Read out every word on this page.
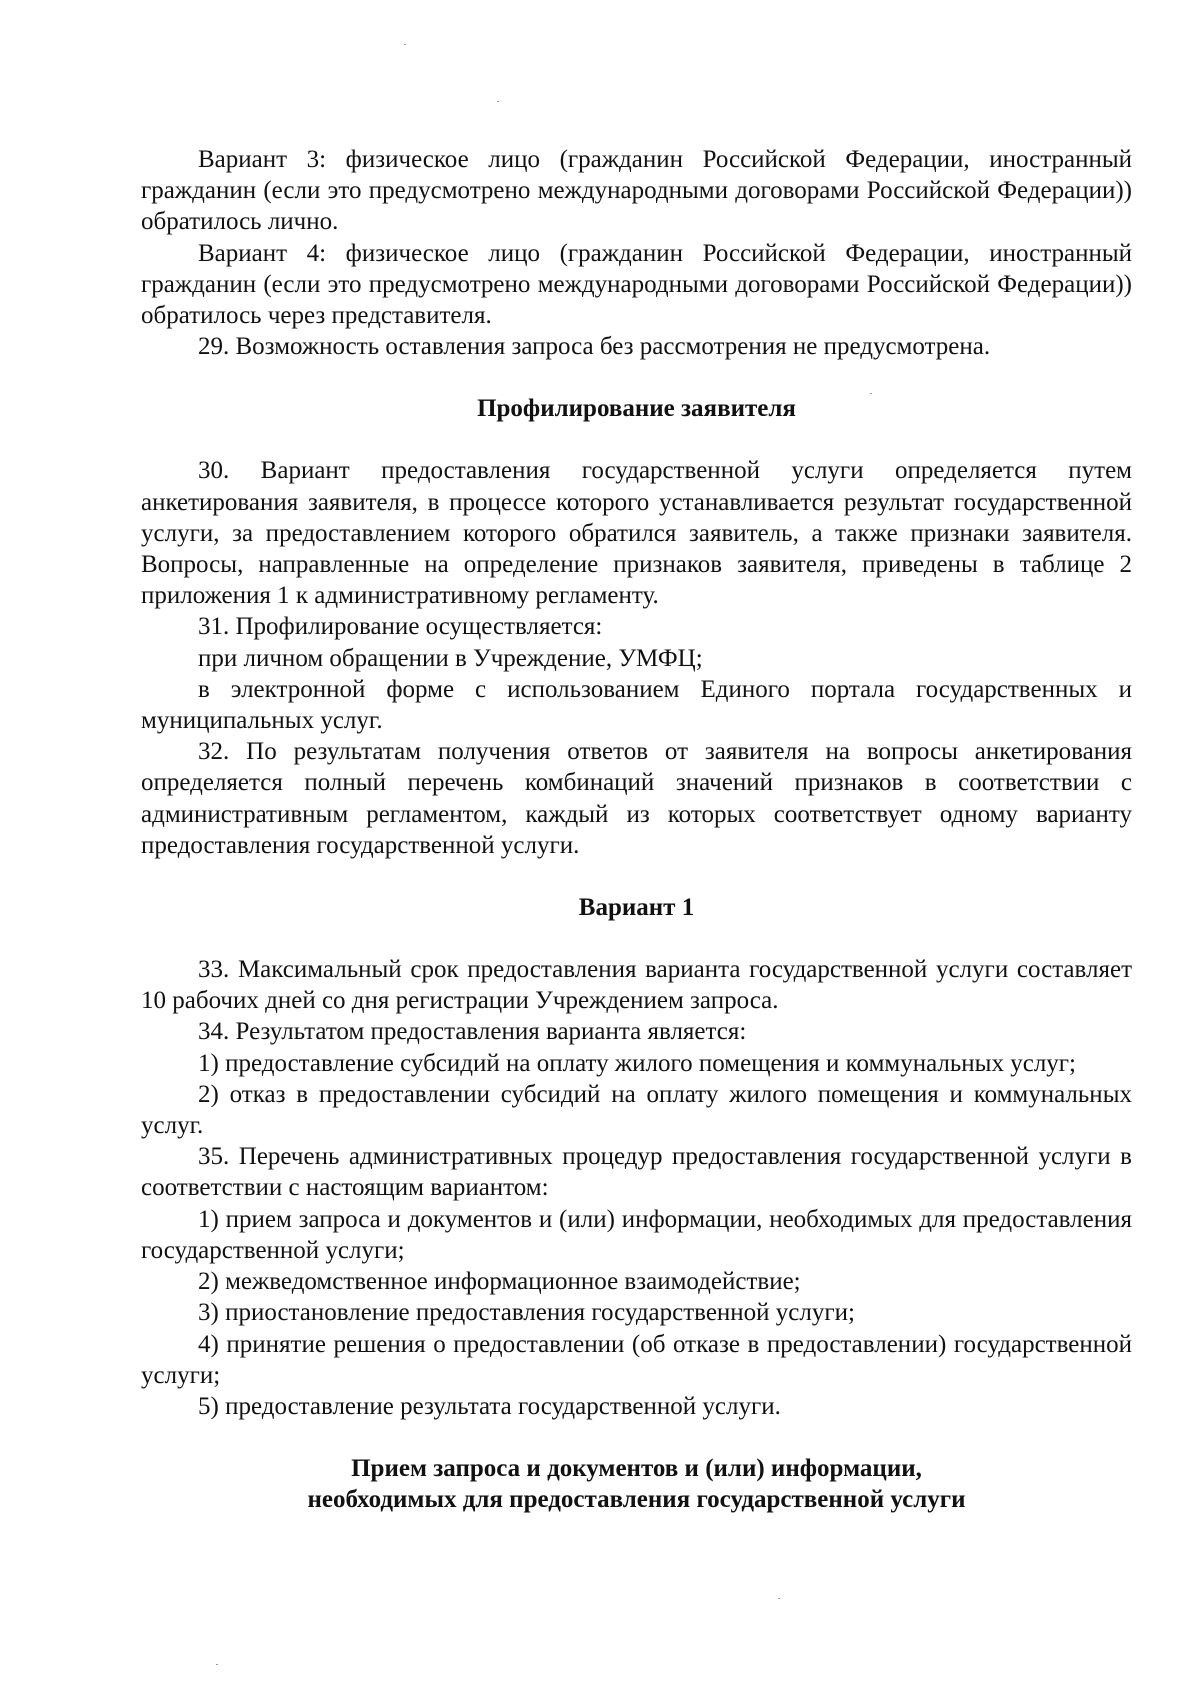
Вариант 3: физическое лицо (гражданин Российской Федерации, иностранный гражданин (если это предусмотрено международными договорами Российской Федерации)) обратилось лично.

Вариант 4: физическое лицо (гражданин Российской Федерации, иностранный гражданин (если это предусмотрено международными договорами Российской Федерации)) обратилось через представителя.

29. Возможность оставления запроса без рассмотрения не предусмотрена.

Профилирование заявителя

30. Вариант предоставления государственной услуги определяется путем анкетирования заявителя, в процессе которого устанавливается результат государственной услуги, за предоставлением которого обратился заявитель, а также признаки заявителя. Вопросы, направленные на определение признаков заявителя, приведены в таблице 2 приложения 1 к административному регламенту.

31. Профилирование осуществляется:

при личном обращении в Учреждение, УМФЦ;

в электронной форме с использованием Единого портала государственных и муниципальных услуг.

32. По результатам получения ответов от заявителя на вопросы анкетирования определяется полный перечень комбинаций значений признаков в соответствии с административным регламентом, каждый из которых соответствует одному варианту предоставления государственной услуги.

Вариант 1

33. Максимальный срок предоставления варианта государственной услуги составляет 10 рабочих дней со дня регистрации Учреждением запроса.

34. Результатом предоставления варианта является:

1) предоставление субсидий на оплату жилого помещения и коммунальных услуг;

2) отказ в предоставлении субсидий на оплату жилого помещения и коммунальных услуг.

35. Перечень административных процедур предоставления государственной услуги в соответствии с настоящим вариантом:

1) прием запроса и документов и (или) информации, необходимых для предоставления государственной услуги;

2) межведомственное информационное взаимодействие;

3) приостановление предоставления государственной услуги;

4) принятие решения о предоставлении (об отказе в предоставлении) государственной услуги;

5) предоставление результата государственной услуги.

Прием запроса и документов и (или) информации,
необходимых для предоставления государственной услуги
